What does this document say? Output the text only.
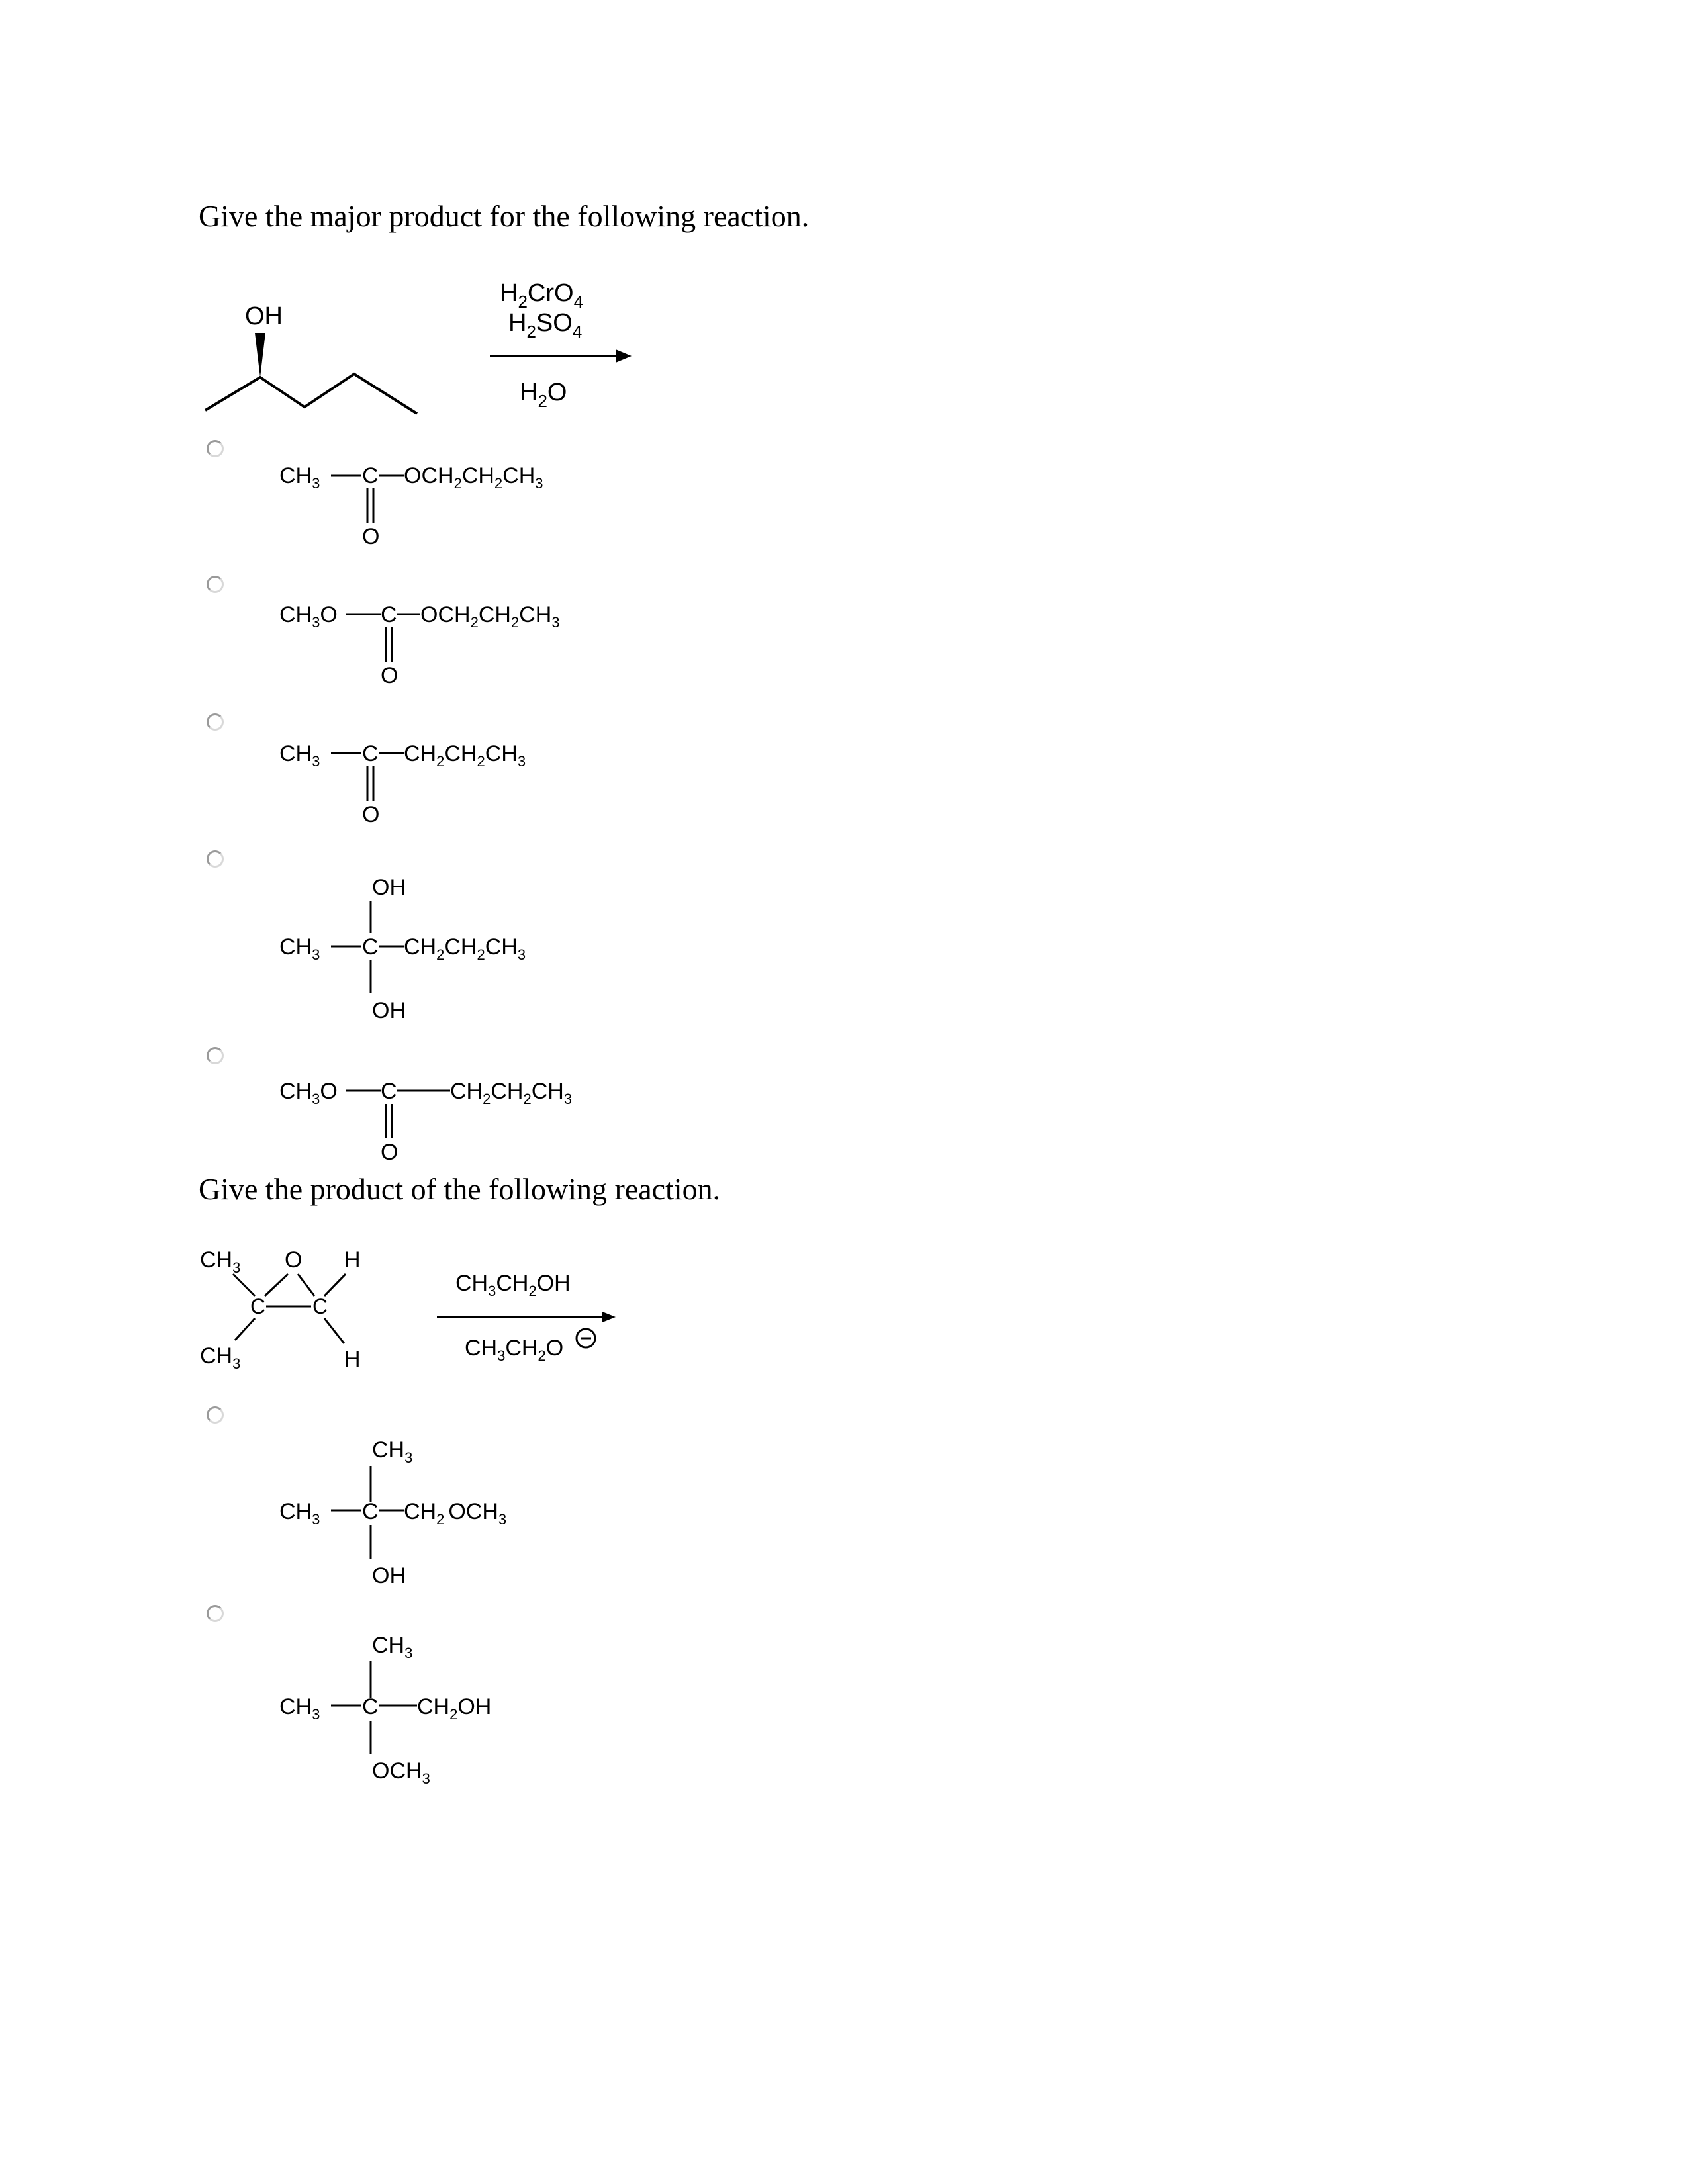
Give the major product for the following reaction.
OH
$H_2CrO_4$
$H_2SO_4$
$H_2O$
$CH_3$ C $OCH_2CH_2CH_3$
O
$CH_3O$ C $OCH_2CH_2CH_3$
O
$CH_3$ C $CH_2CH_2CH_3$
O
OH
$CH_3$ C $CH_2CH_2CH_3$
OH
$CH_3O$ C $CH_2CH_2CH_3$
O
Give the product of the following reaction.
$CH_3$ O H
C C
$CH_3$	H
$CH_3CH_2OH$
$CH_3CH_2O$
$CH_3$
$CH_3$ C $CH_2$ $OCH_3$
OH
$CH_3$
$CH_3$ C $CH_2OH$
$OCH_3$
